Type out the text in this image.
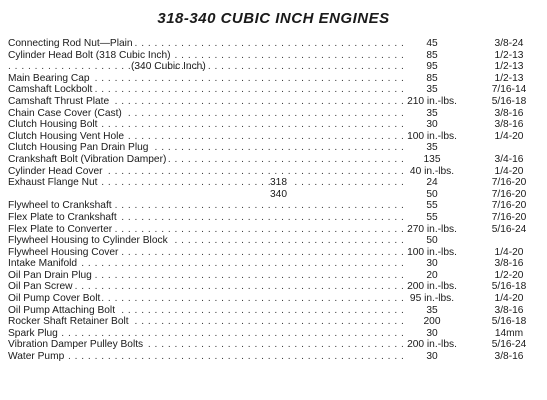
318-340 CUBIC INCH ENGINES
Connecting Rod Nut—Plain . . .	45	3/8-24
Cylinder Head Bolt (318 Cubic Inch) . . .	85	1/2-13
(340 Cubic Inch) . . .	95	1/2-13
Main Bearing Cap . . .	85	1/2-13
Camshaft Lockbolt . . .	35	7/16-14
Camshaft Thrust Plate . . .	210 in.-lbs.	5/16-18
Chain Case Cover (Cast) . . .	35	3/8-16
Clutch Housing Bolt . . .	30	3/8-16
Clutch Housing Vent Hole . . .	100 in.-lbs.	1/4-20
Clutch Housing Pan Drain Plug . . .	35
Crankshaft Bolt (Vibration Damper) . . .	135	3/4-16
Cylinder Head Cover . . .	40 in.-lbs.	1/4-20
Exhaust Flange Nut . . .	318	24	7/16-20
340	50	7/16-20
Flywheel to Crankshaft . . .	55	7/16-20
Flex Plate to Crankshaft . . .	55	7/16-20
Flex Plate to Converter . . .	270 in.-lbs.	5/16-24
Flywheel Housing to Cylinder Block . . .	50
Flywheel Housing Cover . . .	100 in.-lbs.	1/4-20
Intake Manifold . . .	30	3/8-16
Oil Pan Drain Plug . . .	20	1/2-20
Oil Pan Screw . . .	200 in.-lbs.	5/16-18
Oil Pump Cover Bolt . . .	95 in.-lbs.	1/4-20
Oil Pump Attaching Bolt . . .	35	3/8-16
Rocker Shaft Retainer Bolt . . .	200	5/16-18
Spark Plug . . .	30	14mm
Vibration Damper Pulley Bolts . . .	200 in.-lbs.	5/16-24
Water Pump . . .	30	3/8-16
